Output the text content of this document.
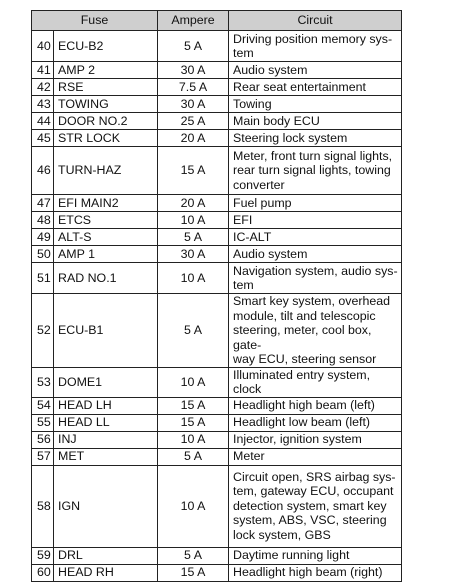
Fuse		Ampere	Circuit
40	ECU-B2	5 A	Driving position memory sys-
tem
41	AMP 2	30 A	Audio system
42	RSE	7.5 A	Rear seat entertainment
43	TOWING	30 A	Towing
44	DOOR NO.2	25 A	Main body ECU
45	STR LOCK	20 A	Steering lock system
46	TURN-HAZ	15 A	Meter, front turn signal lights,
rear turn signal lights, towing
converter
47	EFI MAIN2	20 A	Fuel pump
48	ETCS	10 A	EFI
49	ALT-S	5 A	IC-ALT
50	AMP 1	30 A	Audio system
51	RAD NO.1	10 A	Navigation system, audio sys-
tem
52	ECU-B1	5 A	Smart key system, overhead
module, tilt and telescopic
steering, meter, cool box, gate-
way ECU, steering sensor
53	DOME1	10 A	Illuminated entry system, clock
54	HEAD LH	15 A	Headlight high beam (left)
55	HEAD LL	15 A	Headlight low beam (left)
56	INJ	10 A	Injector, ignition system
57	MET	5 A	Meter
58	IGN	10 A	Circuit open, SRS airbag sys-
tem, gateway ECU, occupant
detection system, smart key
system, ABS, VSC, steering
lock system, GBS
59	DRL	5 A	Daytime running light
60	HEAD RH	15 A	Headlight high beam (right)
